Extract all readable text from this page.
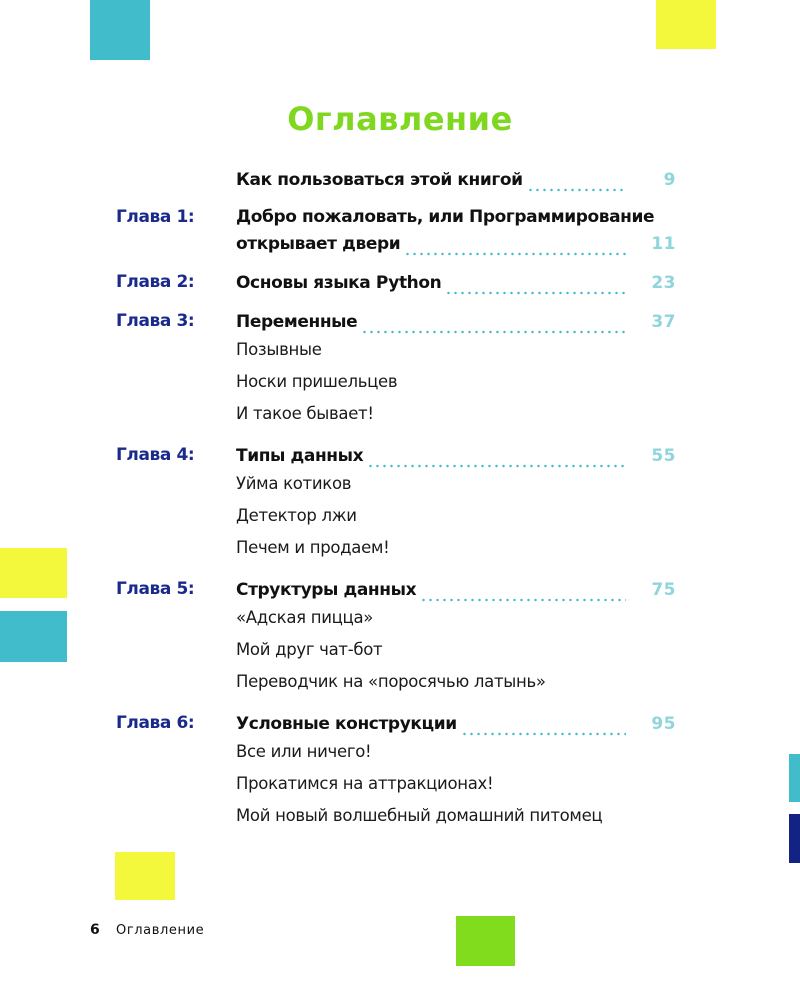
Оглавление
Как пользоваться этой книгой	9
Глава 1: Добро пожаловать, или Программирование
открывает двери	11
Глава 2: Основы языка Python	23
Глава 3: Переменные	37
Позывные
Носки пришельцев
И такое бывает!
Глава 4: Типы данных	55
Уйма котиков
Детектор лжи
Печем и продаем!
Глава 5: Структуры данных	75
«Адская пицца»
Мой друг чат-бот
Переводчик на «поросячью латынь»
Глава 6: Условные конструкции	95
Все или ничего!
Прокатимся на аттракционах!
Мой новый волшебный домашний питомец
6 Оглавление
